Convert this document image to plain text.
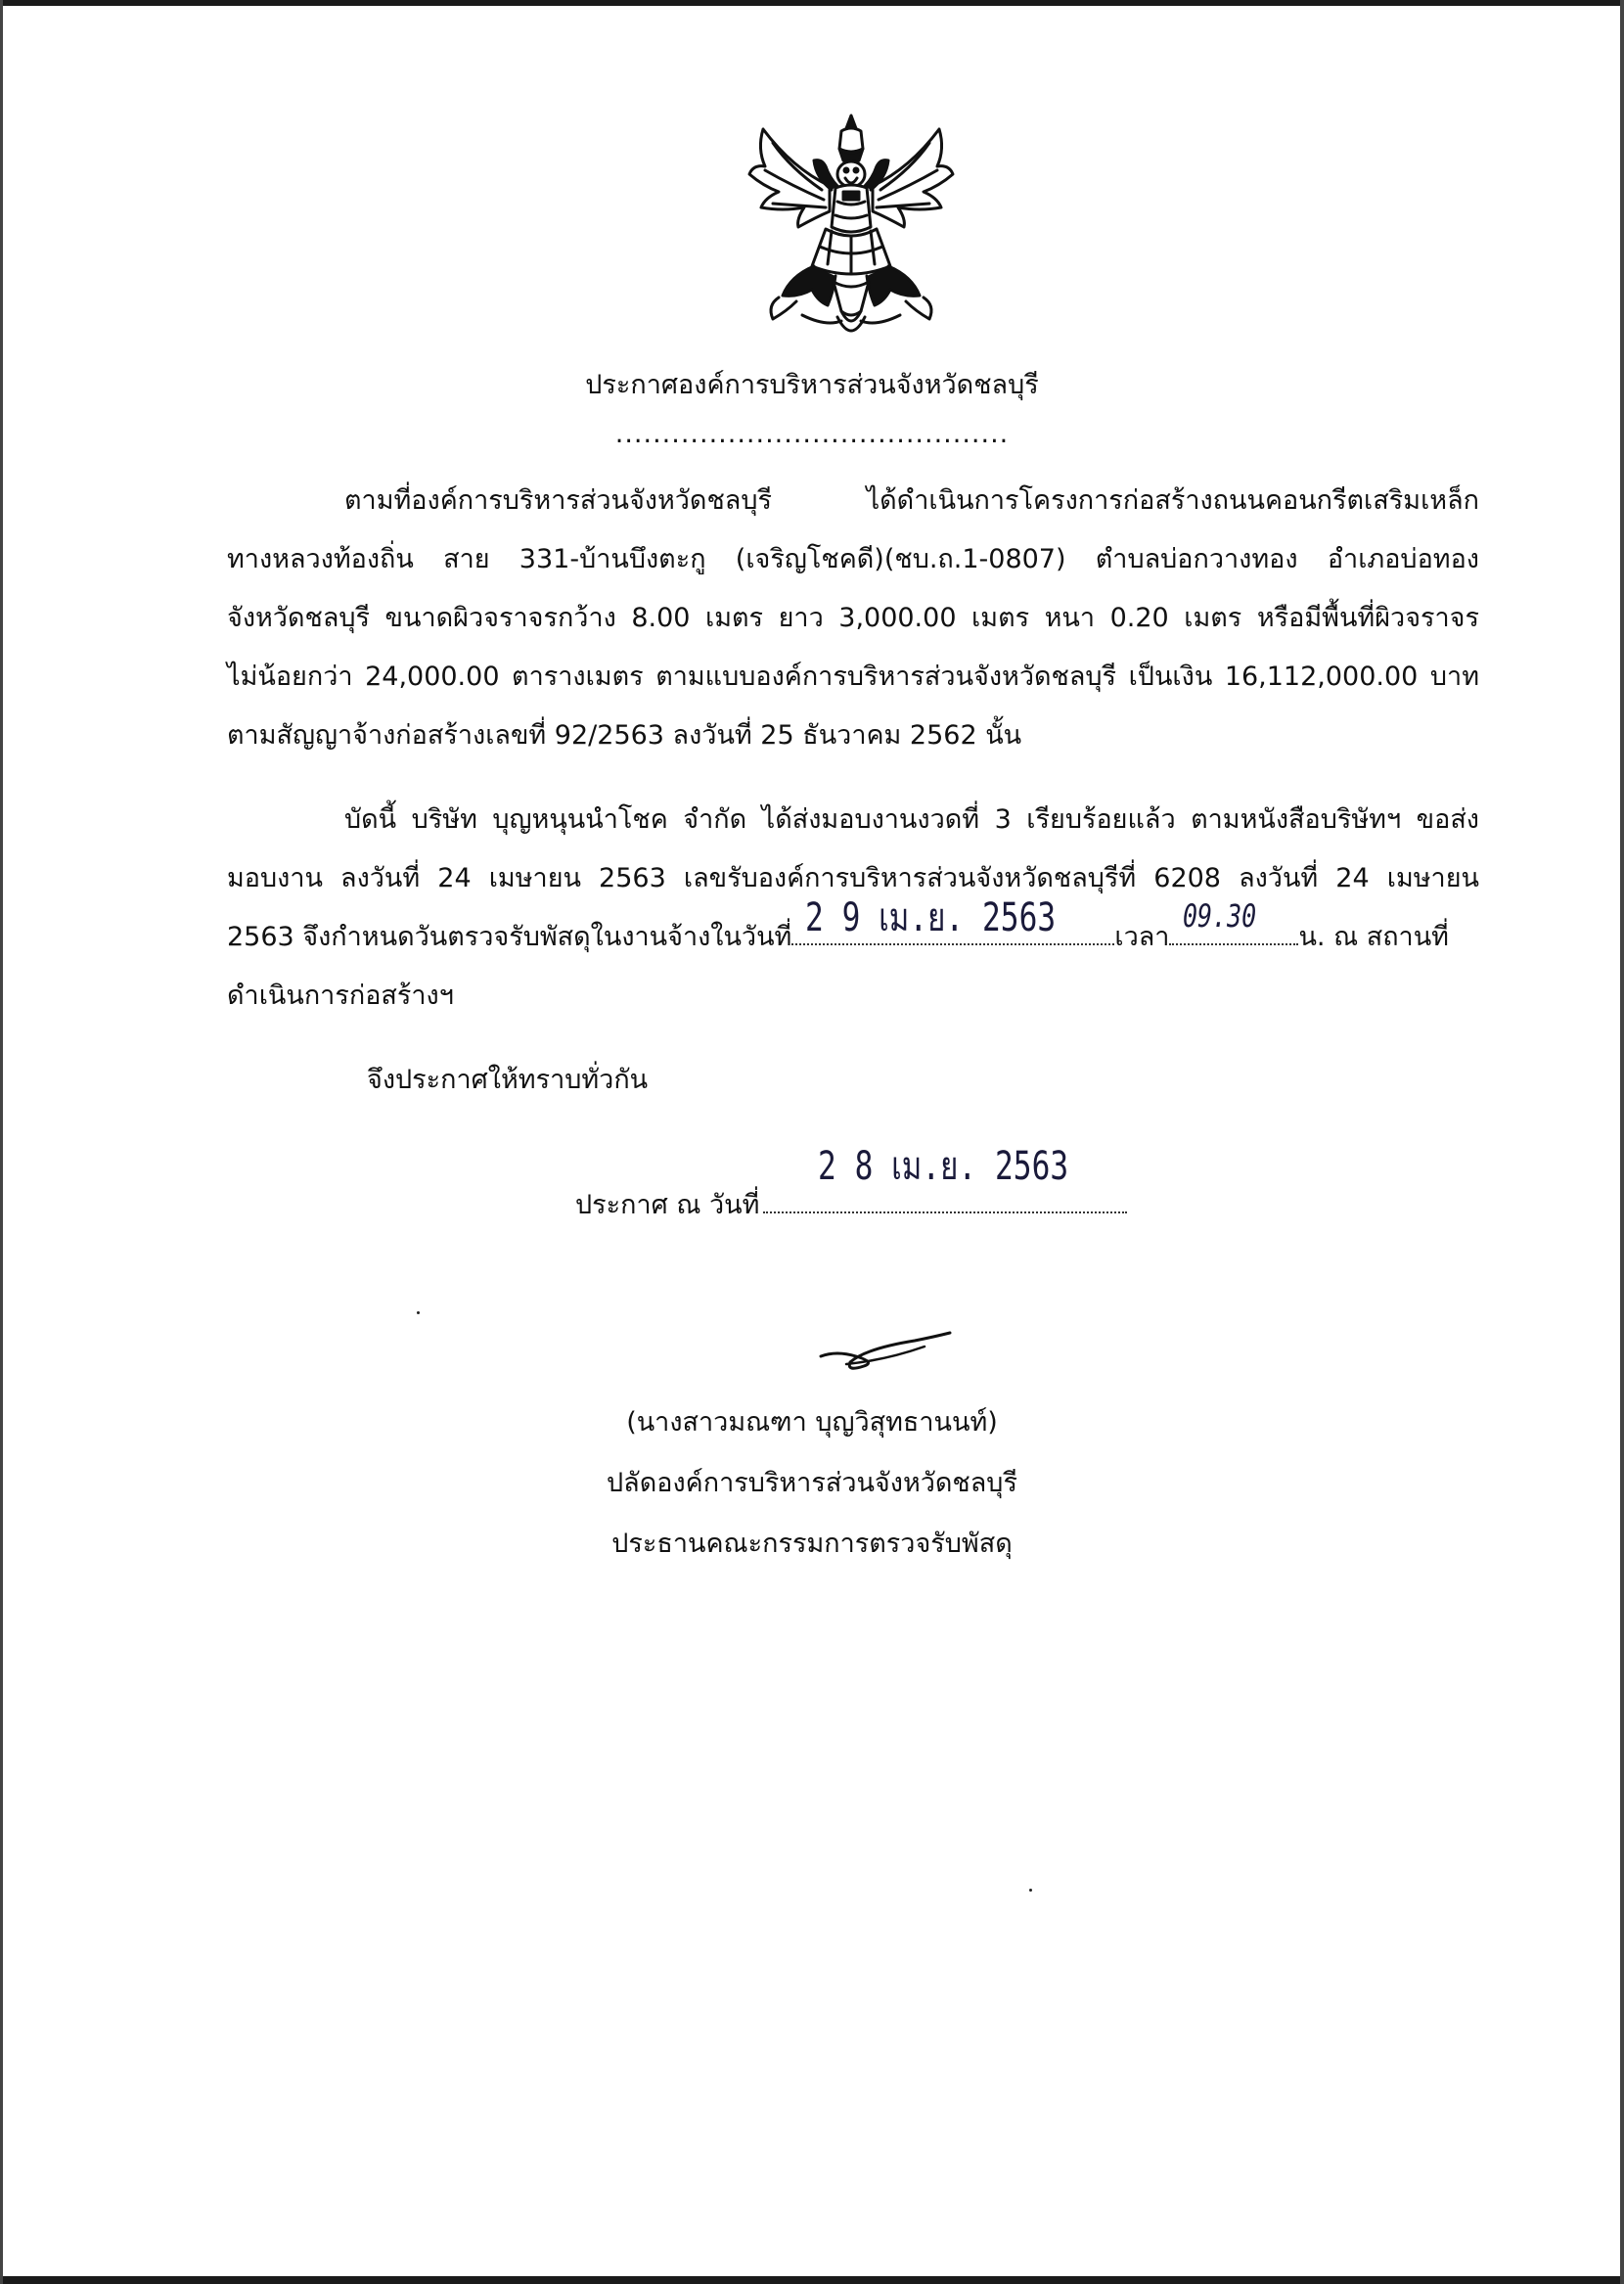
ประกาศองค์การบริหารส่วนจังหวัดชลบุรี
..........................................
ตามที่องค์การบริหารส่วนจังหวัดชลบุรี ได้ดำเนินการโครงการก่อสร้างถนนคอนกรีตเสริมเหล็ก
ทางหลวงท้องถิ่น สาย 331-บ้านบึงตะกู (เจริญโชคดี)(ชบ.ถ.1-0807) ตำบลบ่อกวางทอง อำเภอบ่อทอง
จังหวัดชลบุรี ขนาดผิวจราจรกว้าง 8.00 เมตร ยาว 3,000.00 เมตร หนา 0.20 เมตร หรือมีพื้นที่ผิวจราจร
ไม่น้อยกว่า 24,000.00 ตารางเมตร ตามแบบองค์การบริหารส่วนจังหวัดชลบุรี เป็นเงิน 16,112,000.00 บาท
ตามสัญญาจ้างก่อสร้างเลขที่ 92/2563 ลงวันที่ 25 ธันวาคม 2562 นั้น
บัดนี้ บริษัท บุญหนุนนำโชค จำกัด ได้ส่งมอบงานงวดที่ 3 เรียบร้อยแล้ว ตามหนังสือบริษัทฯ ขอส่ง
มอบงาน ลงวันที่ 24 เมษายน 2563 เลขรับองค์การบริหารส่วนจังหวัดชลบุรีที่ 6208 ลงวันที่ 24 เมษายน
2563 จึงกำหนดวันตรวจรับพัสดุในงานจ้างในวันที่ 2 9 เม.ย. 2563 เวลา
09.30
น. ณ สถานที่
ดำเนินการก่อสร้างฯ
จึงประกาศให้ทราบทั่วกัน
ประกาศ ณ วันที่
2 8 เม.ย. 2563
(นางสาวมณฑา บุญวิสุทธานนท์)
ปลัดองค์การบริหารส่วนจังหวัดชลบุรี
ประธานคณะกรรมการตรวจรับพัสดุ
